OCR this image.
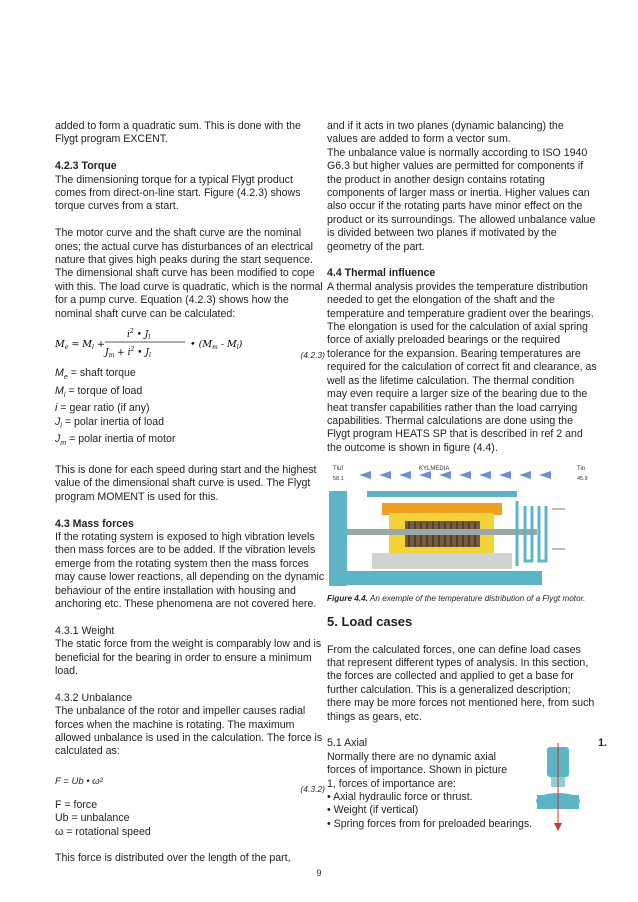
added to form a quadratic sum. This is done with the Flygt program EXCENT.

4.2.3 Torque

The dimensioning torque for a typical Flygt product comes from direct-on-line start. Figure (4.2.3) shows torque curves from a start.

The motor curve and the shaft curve are the nominal ones; the actual curve has disturbances of an electrical nature that gives high peaks during the start sequence. The dimensional shaft curve has been modified to cope with this. The load curve is quadratic, which is the normal for a pump curve. Equation (4.2.3) shows how the nominal shaft curve can be calculated:

$M_e = M_l$ +
$i^2$ • $J_l$
$J_m + i^2$ • $J_l$
• $(M_m - M_l)$
(4.2.3)
$M_e$ = shaft torque
$M_l$ = torque of load
i = gear ratio (if any)
$J_l$ = polar inertia of load
$J_m$ = polar inertia of motor

This is done for each speed during start and the highest value of the dimensional shaft curve is used. The Flygt program MOMENT is used for this.

4.3 Mass forces

If the rotating system is exposed to high vibration levels then mass forces are to be added. If the vibration levels emerge from the rotating system then the mass forces may cause lower reactions, all depending on the dynamic behaviour of the entire installation with housing and anchoring etc. These phenomena are not covered here.

4.3.1 Weight

The static force from the weight is comparably low and is beneficial for the bearing in order to ensure a minimum load.

4.3.2 Unbalance

The unbalance of the rotor and impeller causes radial forces when the machine is rotating. The maximum allowed unbalance is used in the calculation. The force is calculated as:

F = Ub • ω²
(4.3.2)
F = force
Ub = unbalance
ω = rotational speed

This force is distributed over the length of the part,

and if it acts in two planes (dynamic balancing) the values are added to form a vector sum.

The unbalance value is normally according to ISO 1940 G6.3 but higher values are permitted for components if the product in another design contains rotating components of larger mass or inertia. Higher values can also occur if the rotating parts have minor effect on the product or its surroundings. The allowed unbalance value is divided between two planes if motivated by the geometry of the part.

4.4 Thermal influence

A thermal analysis provides the temperature distribution needed to get the elongation of the shaft and the temperature and temperature gradient over the bearings. The elongation is used for the calculation of axial spring force of axially preloaded bearings or the required tolerance for the expansion. Bearing temperatures are required for the calculation of correct fit and clearance, as well as the lifetime calculation. The thermal condition may even require a larger size of the bearing due to the heat transfer capabilities rather than the load carrying capabilities. Thermal calculations are done using the Flygt program HEATS SP that is described in ref 2 and the outcome is shown in figure (4.4).

Tluf	KYLMEDIA	Tin
58.1	45.9

Figure 4.4. An exemple of the temperature distribution of a Flygt motor.

5. Load cases

From the calculated forces, one can define load cases that represent different types of analysis. In this section, the forces are collected and applied to get a base for further calculation. This is a generalized description; there may be more forces not mentioned here, from such things as gears, etc.

5.1 Axial	1.

Normally there are no dynamic axial forces of importance. Shown in picture 1, forces of importance are:

• Axial hydraulic force or thrust.
• Weight (if vertical)
• Spring forces from for preloaded bearings.
9
